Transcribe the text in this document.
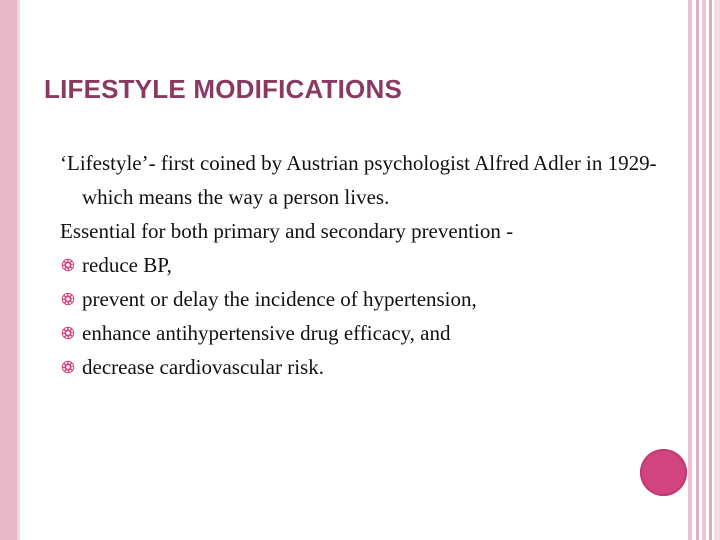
LIFESTYLE MODIFICATIONS

‘Lifestyle’- first coined by Austrian psychologist Alfred Adler in 1929- which means the way a person lives.

Essential for both primary and secondary prevention -

reduce BP,
prevent or delay the incidence of hypertension,
enhance antihypertensive drug efficacy, and
decrease cardiovascular risk.
